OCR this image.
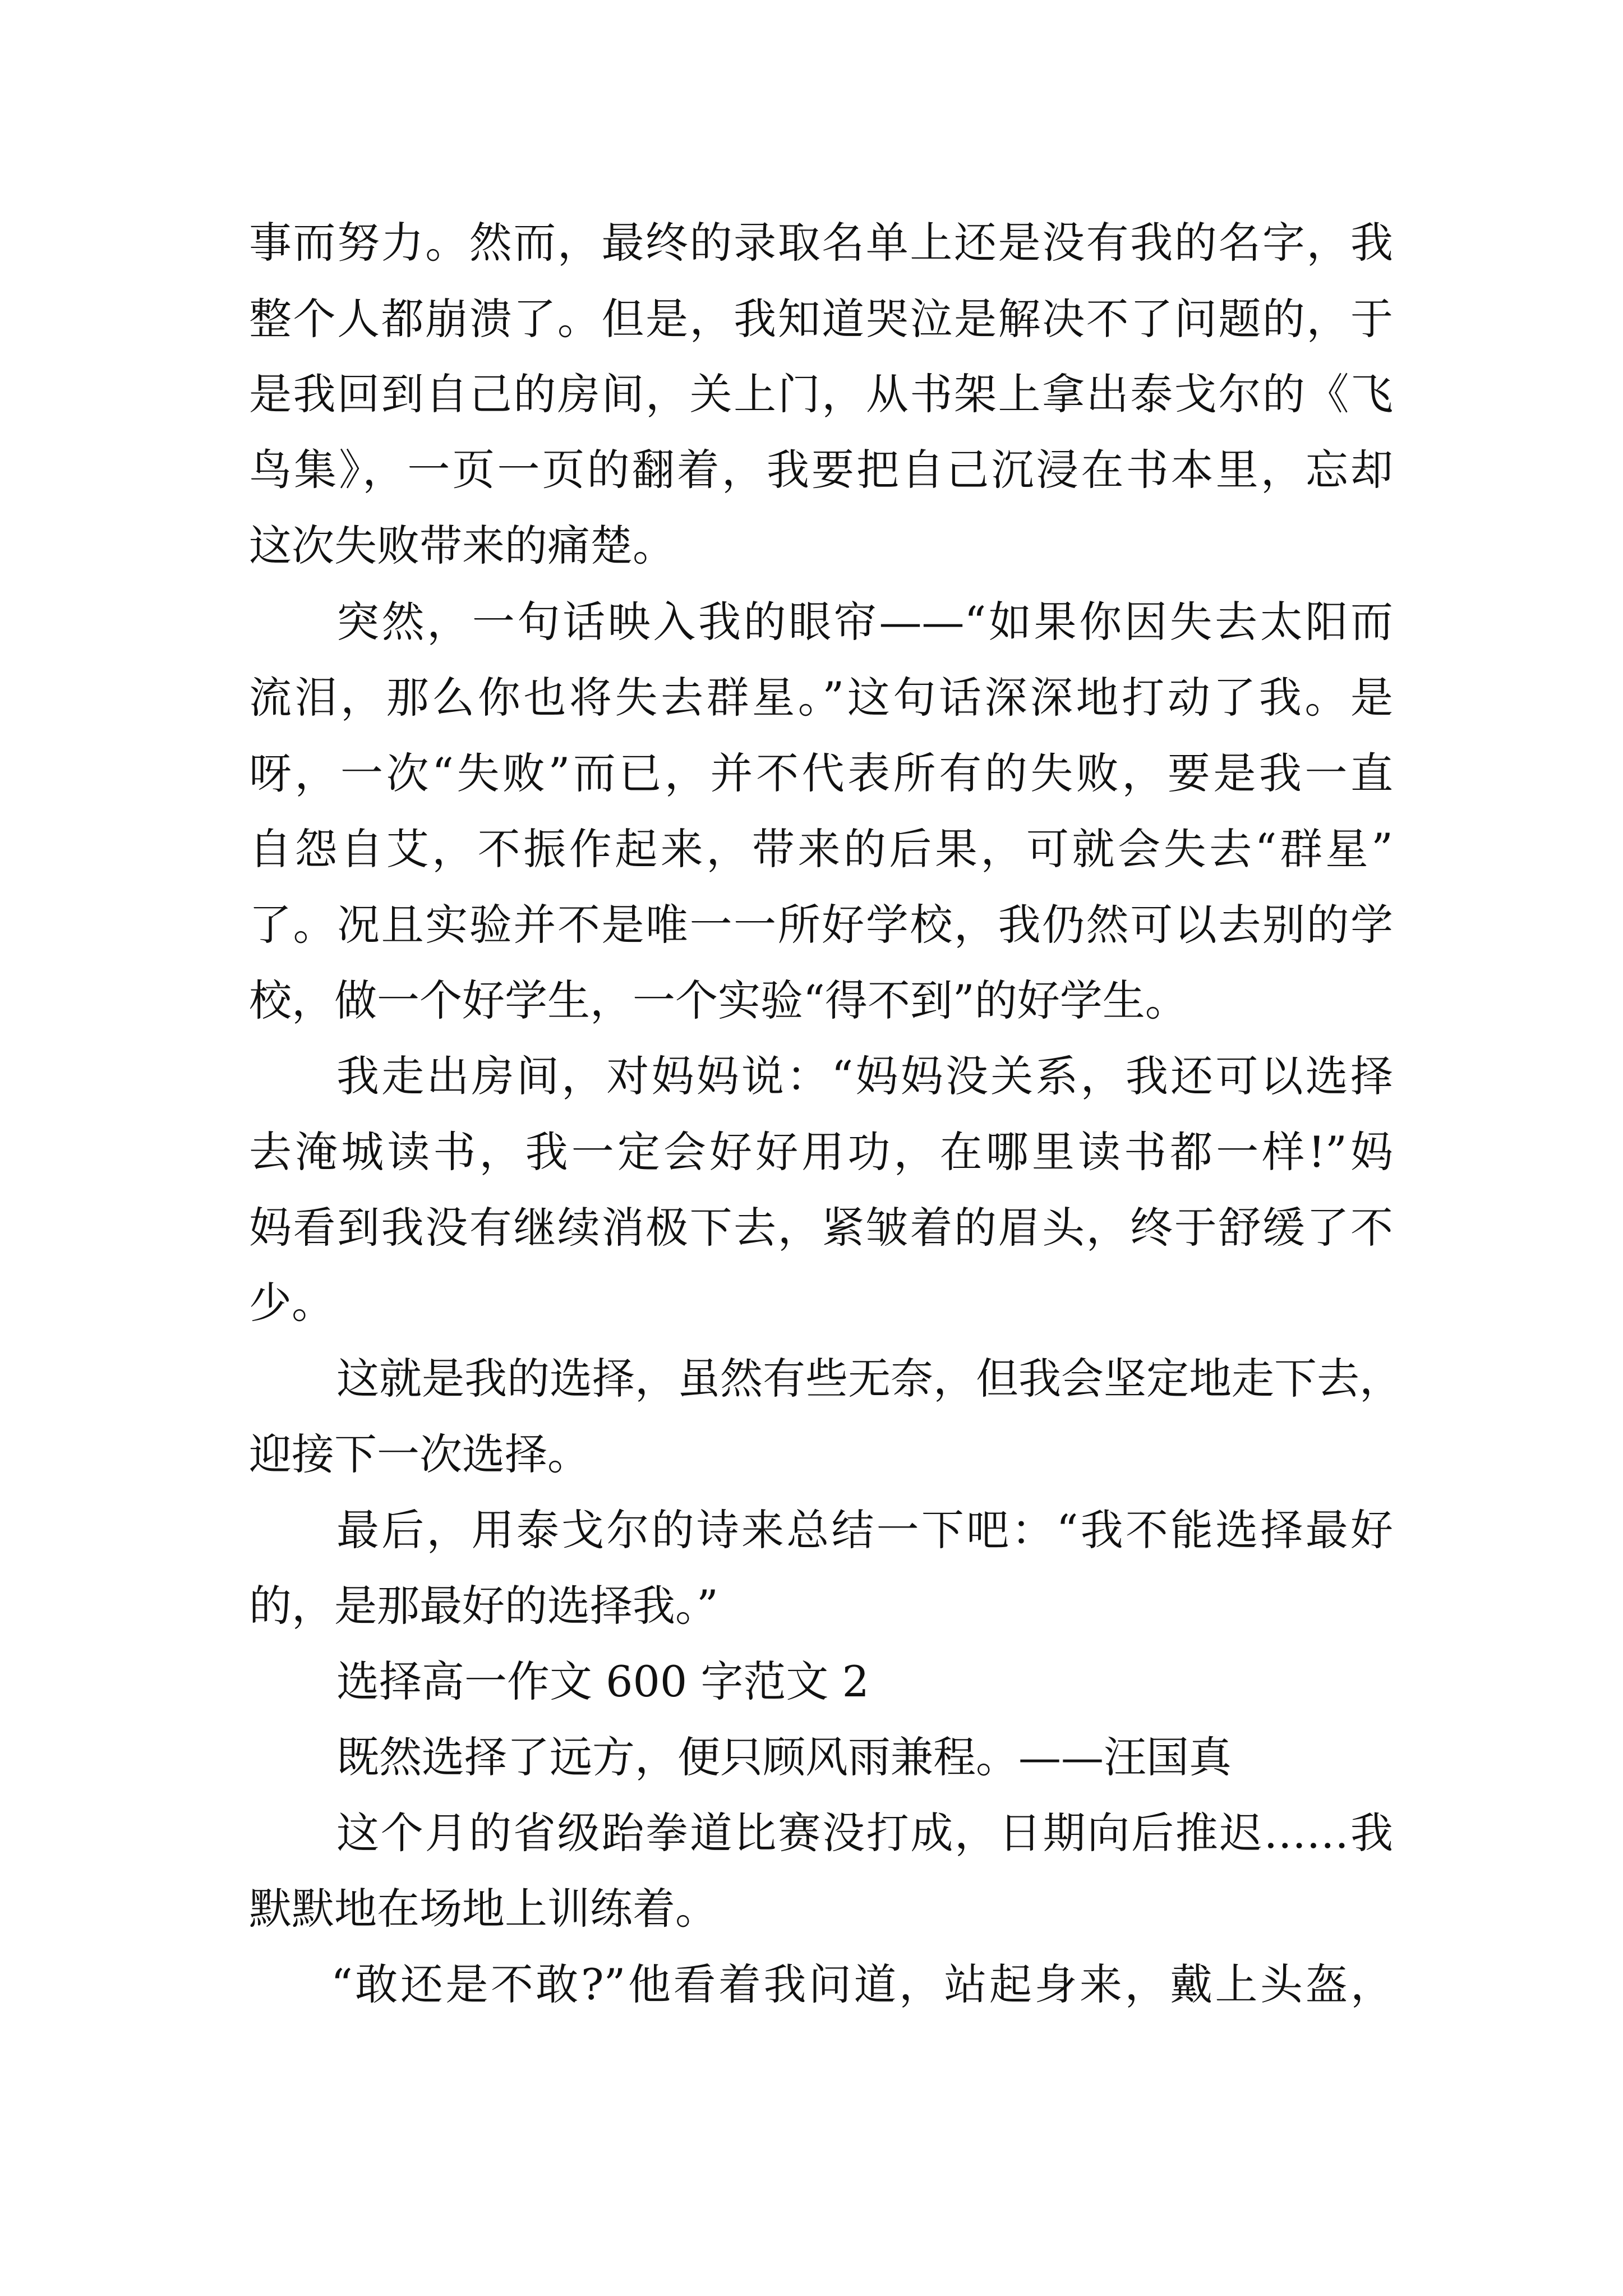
事而努力。然而，最终的录取名单上还是没有我的名字，我
整个人都崩溃了。但是，我知道哭泣是解决不了问题的，于
是我回到自己的房间，关上门，从书架上拿出泰戈尔的《飞
鸟集》，一页一页的翻着，我要把自己沉浸在书本里，忘却
这次失败带来的痛楚。
突然，一句话映入我的眼帘——“如果你因失去太阳而
流泪，那么你也将失去群星。”这句话深深地打动了我。是
呀，一次“失败”而已，并不代表所有的失败，要是我一直
自怨自艾，不振作起来，带来的后果，可就会失去“群星”
了。况且实验并不是唯一一所好学校，我仍然可以去别的学
校，做一个好学生，一个实验“得不到”的好学生。
我走出房间，对妈妈说：“妈妈没关系，我还可以选择
去淹城读书，我一定会好好用功，在哪里读书都一样!”妈
妈看到我没有继续消极下去，紧皱着的眉头，终于舒缓了不
少。
这就是我的选择，虽然有些无奈，但我会坚定地走下去，
迎接下一次选择。
最后，用泰戈尔的诗来总结一下吧：“我不能选择最好
的，是那最好的选择我。”
选择高一作文 600 字范文 2
既然选择了远方，便只顾风雨兼程。——汪国真
这个月的省级跆拳道比赛没打成，日期向后推迟……我
默默地在场地上训练着。
“敢还是不敢?”他看着我问道，站起身来，戴上头盔，
